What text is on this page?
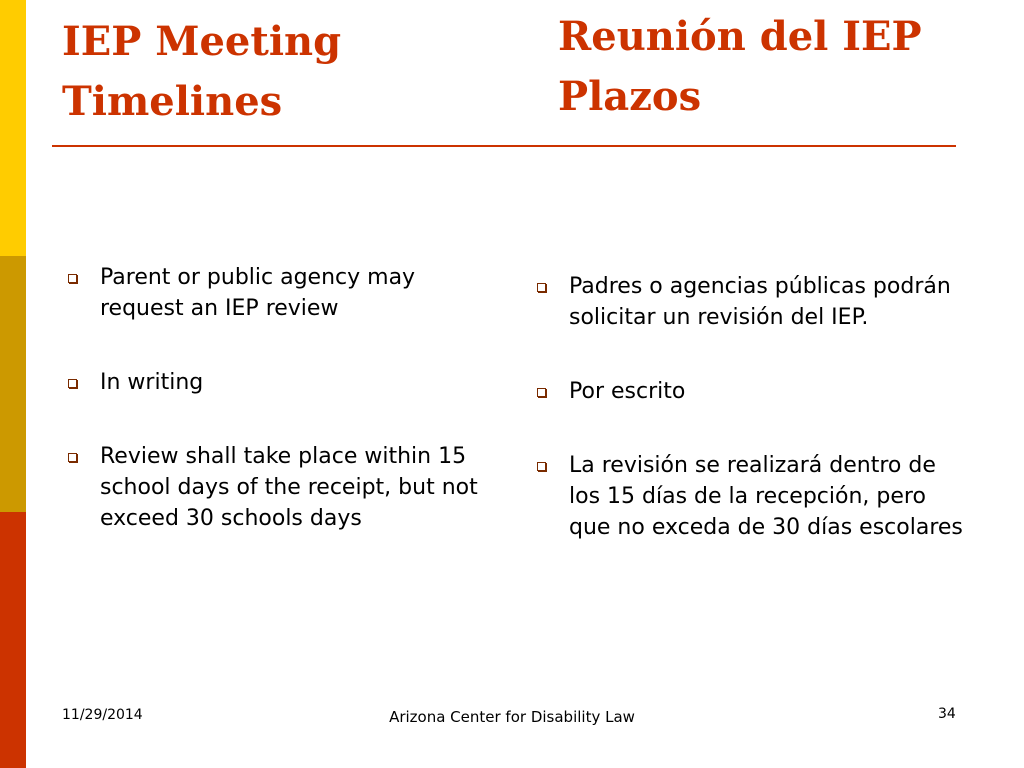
IEP Meeting Timelines
Reunión del IEP Plazos
Parent or public agency may request an IEP review
In writing
Review shall take place within 15 school days of the receipt, but not exceed 30 schools days
Padres o agencias públicas podrán solicitar un revisión del IEP.
Por escrito
La revisión se realizará dentro de los 15 días de la recepción, pero que no exceda de 30 días escolares
11/29/2014	Arizona Center for Disability Law	34
